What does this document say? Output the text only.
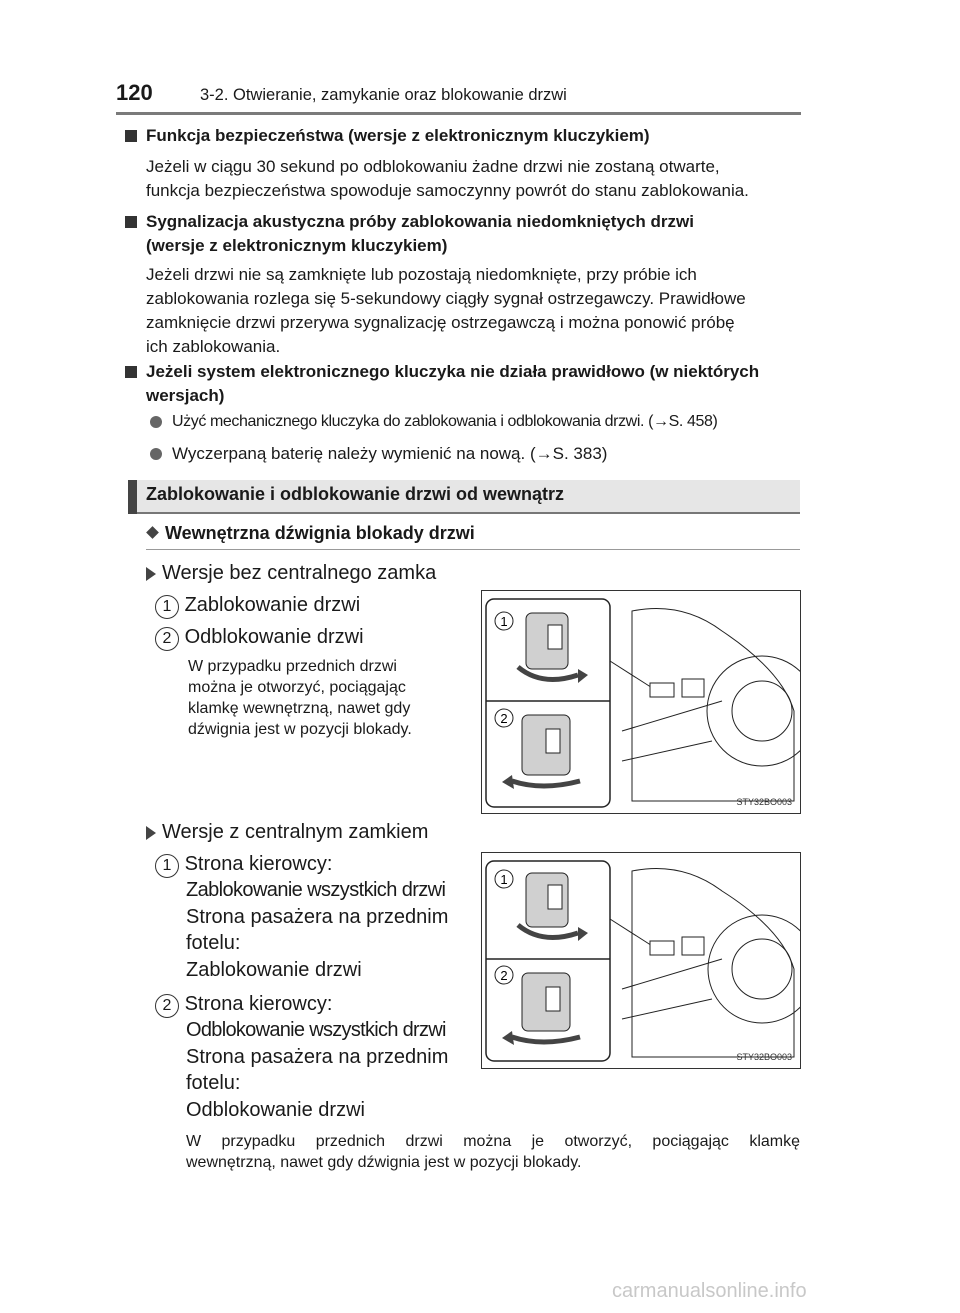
120	3-2. Otwieranie, zamykanie oraz blokowanie drzwi
Funkcja bezpieczeństwa (wersje z elektronicznym kluczykiem)
Jeżeli w ciągu 30 sekund po odblokowaniu żadne drzwi nie zostaną otwarte,
funkcja bezpieczeństwa spowoduje samoczynny powrót do stanu zablokowania.
Sygnalizacja akustyczna próby zablokowania niedomkniętych drzwi
(wersje z elektronicznym kluczykiem)
Jeżeli drzwi nie są zamknięte lub pozostają niedomknięte, przy próbie ich
zablokowania rozlega się 5-sekundowy ciągły sygnał ostrzegawczy. Prawidłowe
zamknięcie drzwi przerywa sygnalizację ostrzegawczą i można ponowić próbę
ich zablokowania.
Jeżeli system elektronicznego kluczyka nie działa prawidłowo (w niektórych
wersjach)
Użyć mechanicznego kluczyka do zablokowania i odblokowania drzwi. (→S. 458)
Wyczerpaną baterię należy wymienić na nową. (→S. 383)
Zablokowanie i odblokowanie drzwi od wewnątrz
Wewnętrzna dźwignia blokady drzwi
Wersje bez centralnego zamka
1 Zablokowanie drzwi
2 Odblokowanie drzwi
W przypadku przednich drzwi
można je otworzyć, pociągając
klamkę wewnętrzną, nawet gdy
dźwignia jest w pozycji blokady.
1
2
STY32BO003
Wersje z centralnym zamkiem
1 Strona kierowcy:
Zablokowanie wszystkich drzwi
Strona pasażera na przednim
fotelu:
Zablokowanie drzwi
2 Strona kierowcy:
Odblokowanie wszystkich drzwi
Strona pasażera na przednim
fotelu:
Odblokowanie drzwi
W przypadku przednich drzwi można je otworzyć, pociągając klamkę
wewnętrzną, nawet gdy dźwignia jest w pozycji blokady.
1
2
STY32BO003
carmanualsonline.info
